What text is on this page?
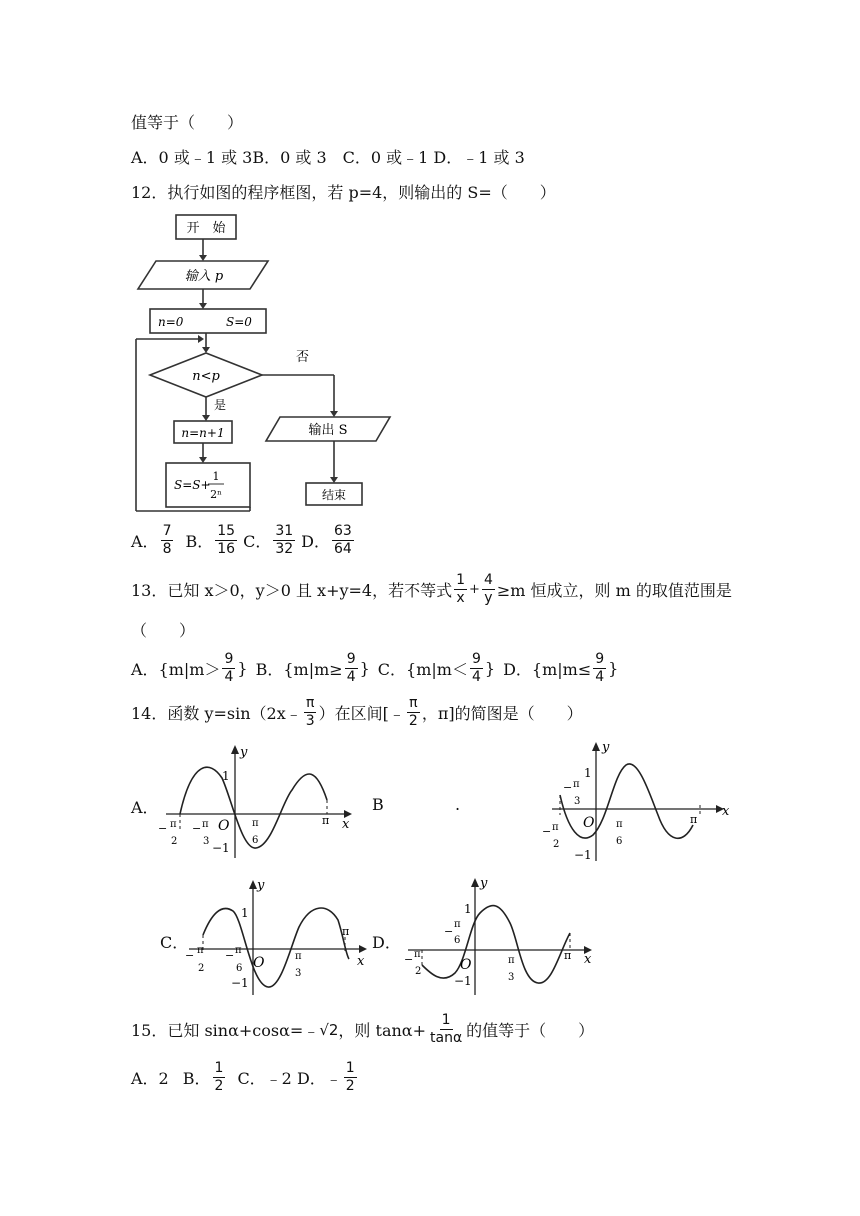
值等于（　　）
A．0 或﹣1 或 3B．0 或 3　C．0 或﹣1 D．﹣1 或 3
12．执行如图的程序框图，若 p=4，则输出的 S=（　　）
开　始
输入 p
n=0	S=0
n<p
否
是
n=n+1
S=S+
1
2ⁿ
输出 S
结束
A． $\frac{7}{8}$ B． $\frac{15}{16}$ C． $\frac{31}{32}$ D． $\frac{63}{64}$
13．已知 x＞0，y＞0 且 x+y=4，若不等式 $\frac{1}{x} + \frac{4}{y} \ge m$ 恒成立，则 m 的取值范围是
（　　）
A．{$m|m> \frac{9}{4}$ } B．{$m|m\ge \frac{9}{4}$ } C．{$m|m< \frac{9}{4}$ } D．{$m|m\le \frac{9}{4}$ }
14．函数 y=sin（2x﹣ $\frac{\pi}{3}$ ）在区间[﹣ $\frac{\pi}{2}$ ，π]的简图是（　　）
A．	B	.
C．	D．
y
x
O
1
−1
π
− π
2
− π
3
π
6
y
x
O
1
−1
π
− π
3
− π
2
π
6
y
x
O
1
−1
π
− π
2
− π
6
π
3
y
x
O
1
−1
π
− π
2
−
π
6
π
3
15．已知 sinα+cosα=﹣ √2 ，则 $\tan\alpha+ \frac{1}{\tan\alpha}$ 的值等于（　　）
A．2 B． $\frac{1}{2}$ C．﹣2 D．﹣ $\frac{1}{2}$
